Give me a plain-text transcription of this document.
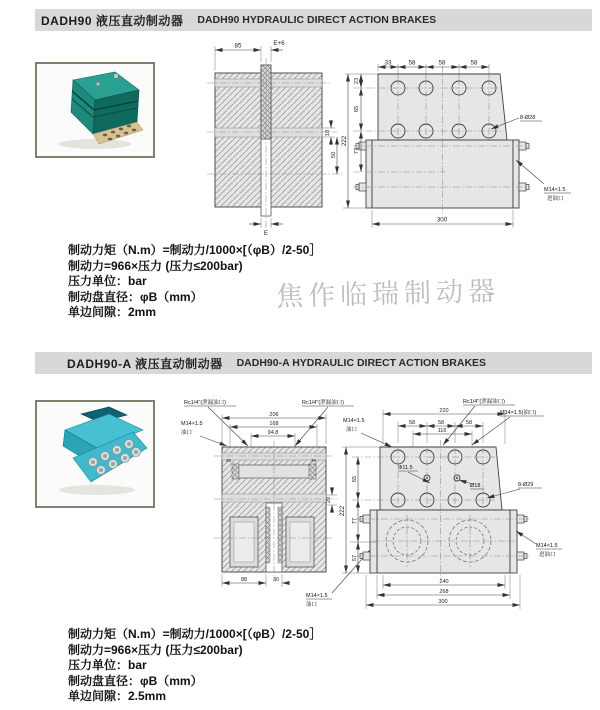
DADH90 液压直动制动器 DADH90 HYDRAULIC DIRECT ACTION BRAKES
85	E+6
18
50
E
33	58	58	58
23
65
77
222
300
8-Ø28
M14×1.5
进油口

制动力矩（N.m）=制动力/1000×[（φB）/2-50］

制动力=966×压力 (压力≤200bar)

压力单位：bar

制动盘直径：φB（mm）

单边间隙：2mm	焦作临瑞制动器
DADH90-A 液压直动制动器 DADH90-A HYDRAULIC DIRECT ACTION BRAKES
Rc1/4"(泄漏油口)	Rc1/4"(泄漏油口)
M14×1.5
油口
206
168
94.8
36	36
20
88	30
M14×1.5
油口
220
58	58	58
116
Rc1/4"(泄漏油口)
M14×1.5(油口)
M14×1.5
油口
65
77
57
222
Φ11.5
Ø18	8-Ø29
M14×1.5
进油口
240
268
300

制动力矩（N.m）=制动力/1000×[（φB）/2-50］

制动力=966×压力 (压力≤200bar)

压力单位：bar

制动盘直径：φB（mm）

单边间隙：2.5mm
